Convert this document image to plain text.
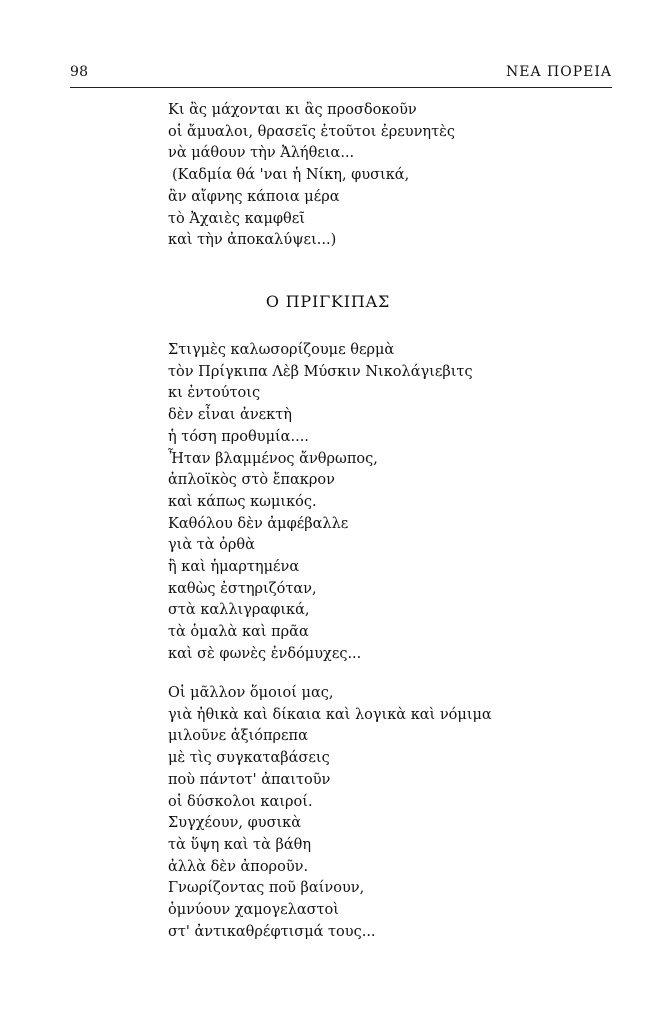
98	ΝΕΑ ΠΟΡΕΙΑ
Κι ἂς μάχονται κι ἂς προσδοκοῦν
οἱ ἄμυαλοι, θρασεῖς ἐτοῦτοι ἐρευνητὲς
νὰ μάθουν τὴν Ἀλήθεια...
(Καδμία θά 'ναι ἡ Νίκη, φυσικά,
ἂν αἴφνης κάποια μέρα
τὸ Ἀχαιὲς καμφθεῖ
καὶ τὴν ἀποκαλύψει...)
Ο ΠΡΙΓΚΙΠΑΣ
Στιγμὲς καλωσορίζουμε θερμὰ
τὸν Πρίγκιπα Λὲβ Μύσκιν Νικολάγιεβιτς
κι ἐντούτοις
δὲν εἶναι ἀνεκτὴ
ἡ τόση προθυμία....
Ἦταν βλαμμένος ἄνθρωπος,
ἁπλοϊκὸς στὸ ἔπακρον
καὶ κάπως κωμικός.
Καθόλου δὲν ἀμφέβαλλε
γιὰ τὰ ὀρθὰ
ἢ καὶ ἡμαρτημένα
καθὼς ἐστηριζόταν,
στὰ καλλιγραφικά,
τὰ ὁμαλὰ καὶ πρᾶα
καὶ σὲ φωνὲς ἐνδόμυχες...
Οἱ μᾶλλον ὅμοιοί μας,
γιὰ ἠθικὰ καὶ δίκαια καὶ λογικὰ καὶ νόμιμα
μιλοῦνε ἀξιόπρεπα
μὲ τὶς συγκαταβάσεις
ποὺ πάντοτ' ἀπαιτοῦν
οἱ δύσκολοι καιροί.
Συγχέουν, φυσικὰ
τὰ ὕψη καὶ τὰ βάθη
ἀλλὰ δὲν ἀποροῦν.
Γνωρίζοντας ποῦ βαίνουν,
ὁμνύουν χαμογελαστοὶ
στ' ἀντικαθρέφτισμά τους...
